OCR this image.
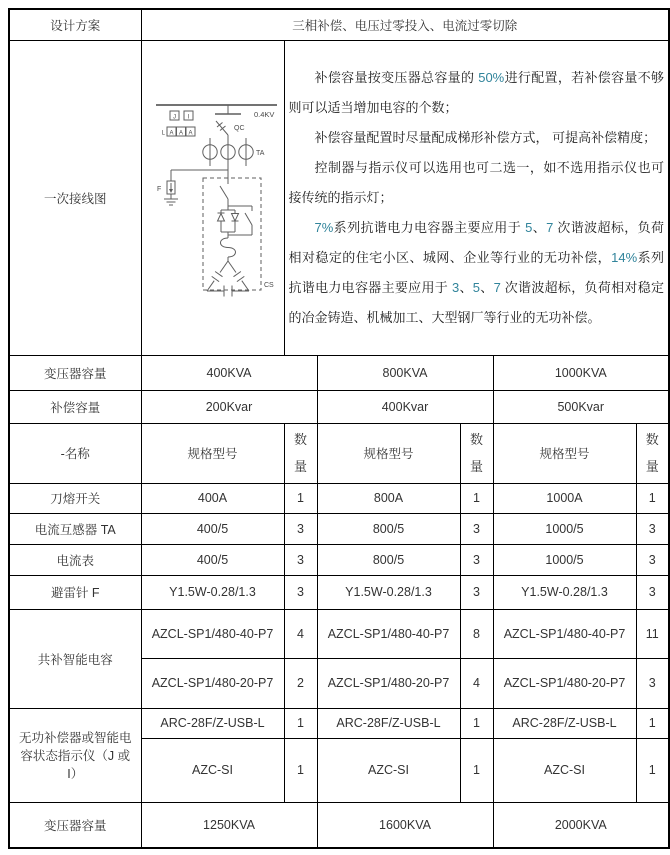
设计方案	三相补偿、电压过零投入、电流过零切除					
一次接线图	
0.4KV
QC
TA
F
CS
J I
L A A A

补偿容量按变压器总容量的 50%进行配置，若补偿容量不够则可以适当增加电容的个数；

补偿容量配置时尽量配成梯形补偿方式， 可提高补偿精度；

控制器与指示仪可以选用也可二选一，如不选用指示仪也可接传统的指示灯；

7%系列抗谐电力电容器主要应用于 5、7 次谐波超标，负荷相对稳定的住宅小区、城网、企业等行业的无功补偿，14%系列抗谐电力电容器主要应用于 3、5、7 次谐波超标，负荷相对稳定的冶金铸造、机械加工、大型钢厂等行业的无功补偿。

变压器容量	400KVA		800KVA		1000KVA	
补偿容量	200Kvar		400Kvar		500Kvar	
-名称	规格型号	数量	规格型号	数量	规格型号	数量
刀熔开关	400A	1	800A	1	1000A	1
电流互感器 TA	400/5	3	800/5	3	1000/5	3
电流表	400/5	3	800/5	3	1000/5	3
避雷针 F	Y1.5W-0.28/1.3	3	Y1.5W-0.28/1.3	3	Y1.5W-0.28/1.3	3
共补智能电容	AZCL-SP1/480-40-P7	4	AZCL-SP1/480-40-P7	8	AZCL-SP1/480-40-P7	11
	AZCL-SP1/480-20-P7	2	AZCL-SP1/480-20-P7	4	AZCL-SP1/480-20-P7	3
无功补偿器或智能电容状态指示仪（J 或 I）	ARC-28F/Z-USB-L	1	ARC-28F/Z-USB-L	1	ARC-28F/Z-USB-L	1
	AZC-SI	1	AZC-SI	1	AZC-SI	1
变压器容量	1250KVA		1600KVA		2000KVA	
